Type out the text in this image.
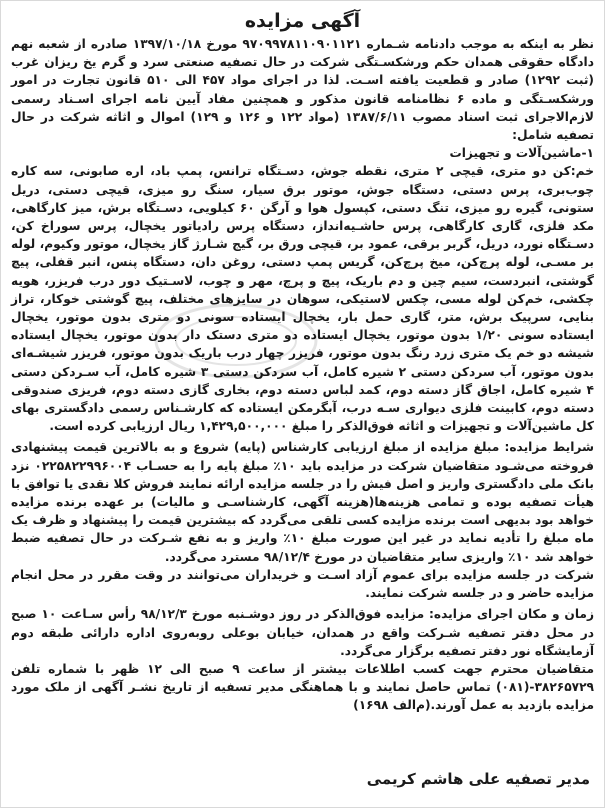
آگهی مزایده

نظر به اینکه به موجب دادنامه شـماره ۹۷۰۹۹۷۸۱۱۰۹۰۱۱۲۱ مورخ ۱۳۹۷/۱۰/۱۸ صادره از شعبه نهم دادگاه حقوقی همدان حکم ورشکسـتگی شرکت در حال تصفیه صنعتی سرد و گرم یخ ریزان غرب (ثبت ۱۲۹۲) صادر و قطعیت یافته اسـت. لذا در اجرای مواد ۴۵۷ الی ۵۱۰ قانون تجارت در امور ورشکسـتگی و ماده ۶ نظامنامه قانون مذکور و همچنین مفاد آیین نامه اجرای اسـناد رسمی لازم‌الاجرای ثبت اسناد مصوب ۱۳۸۷/۶/۱۱ (مواد ۱۲۲ و ۱۲۶ و ۱۲۹) اموال و اثاثه شرکت در حال تصفیه شامل:

۱-ماشین‌آلات و تجهیزات

خم:کن دو متری، قیچی ۲ متری، نقطه جوش، دسـتگاه ترانس، پمپ باد، اره صابونی، سه کاره چوب‌بری، پرس دستی، دستگاه جوش، موتور برق سیار، سنگ رو میزی، قیچی دستی، دریل ستونی، گیره رو میزی، تنگ دستی، کپسول هوا و آرگن ۶۰ کیلویی، دسـتگاه برش، میز کارگاهی، مکد فلزی، گاری کارگاهی، پرس حاشـیه‌انداز، دستگاه پرس رادیاتور یخچال، پرس سوراخ کن، دسـتگاه نورد، دریل، گربر برقی، عمود بر، قیچی ورق بر، گیج شـارژ گاز یخچال، موتور وکیوم، لوله بر مسـی، لوله پرچ‌کن، میخ پرچ‌کن، گریس پمپ دستی، روغن دان، دستگاه پنس، انبر قفلی، پیچ گوشتی، انبردست، سیم چین و دم باریک، پیچ و پرچ، مهر و چوب، لاسـتیک دور درب فریزر، هویه چکشی، خم‌کن لوله مسی، چکس لاستیکی، سوهان در سایزهای مختلف، پیچ گوشتی خوکار، تراز بنایی، سرپیک برش، متر، گاری حمل بار، یخچال ایستاده سونی دو متری بدون موتور، یخچال ایستاده سونی ۱/۲۰ بدون موتور، یخچال ایستاده دو متری دستک دار بدون موتور، یخچال ایستاده شیشه دو خم یک متری زرد رنگ بدون موتور، فریزر چهار درب باریک بدون موتور، فریزر شیشـه‌ای بدون موتور، آب سردکن دستی ۲ شیره کامل، آب سردکن دستی ۳ شیره کامل، آب سـردکن دستی ۴ شیره کامل، اجاق گاز دسته دوم، کمد لباس دسته دوم، بخاری گازی دسته دوم، فریزی صندوقی دسته دوم، کابینت فلزی دیواری سـه درب، آبگرمکن ایستاده که کارشـناس رسمی دادگستری بهای کل ماشین‌آلات و تجهیزات و اثاثه فوق‌الذکر را مبلغ ۱,۴۲۹,۵۰۰,۰۰۰ ریال ارزیابی کرده است.

شرایط مزایده: مبلغ مزایده از مبلغ ارزیابی کارشناس (پایه) شروع و به بالاترین قیمت پیشنهادی فروخته می‌شـود متقاضیان شرکت در مزایده باید ۱۰٪ مبلغ پایه را به حسـاب ۰۲۲۵۸۲۲۹۹۶۰۰۴ نزد بانک ملی دادگستری واریز و اصل فیش را در جلسه مزایده ارائه نمایند فروش کلا نقدی یا توافق با هیأت تصفیه بوده و تمامی هزینه‌ها(هزینه آگهی، کارشناسـی و مالیات) بر عهده برنده مزایده خواهد بود بدیهی است برنده مزایده کسی تلقی می‌گردد که بیشترین قیمت را پیشنهاد و ظرف یک ماه مبلغ را تأدیه نماید در غیر این صورت مبلغ ۱۰٪ واریز و به نفع شـرکت در حال تصفیه ضبط خواهد شد ۱۰٪ واریزی سایر متقاضیان در مورخ ۹۸/۱۲/۴ مسترد می‌گردد.

شرکت در جلسه مزایده برای عموم آزاد اسـت و خریداران می‌توانند در وقت مقرر در محل انجام مزایده حاضر و در جلسه شرکت نمایند.

زمان و مکان اجرای مزایده: مزایده فوق‌الذکر در روز دوشـنبه مورخ ۹۸/۱۲/۳ رأس سـاعت ۱۰ صبح در محل دفتر تصفیه شـرکت واقع در همدان، خیابان بوعلی روبه‌روی اداره دارائی طبقه دوم آزمایشگاه نور دفتر تصفیه برگزار می‌گردد.

متقاضیان محترم جهت کسب اطلاعات بیشتر از ساعت ۹ صبح الی ۱۲ ظهر با شماره تلفن ۳۸۲۶۵۷۲۹-(۰۸۱) تماس حاصل نمایند و با هماهنگی مدیر تسفیه از تاریخ نشـر آگهی از ملک مورد مزایده بازدید به عمل آورند.(م‌الف ۱۶۹۸)

مدیر تصفیه علی هاشم کریمی
